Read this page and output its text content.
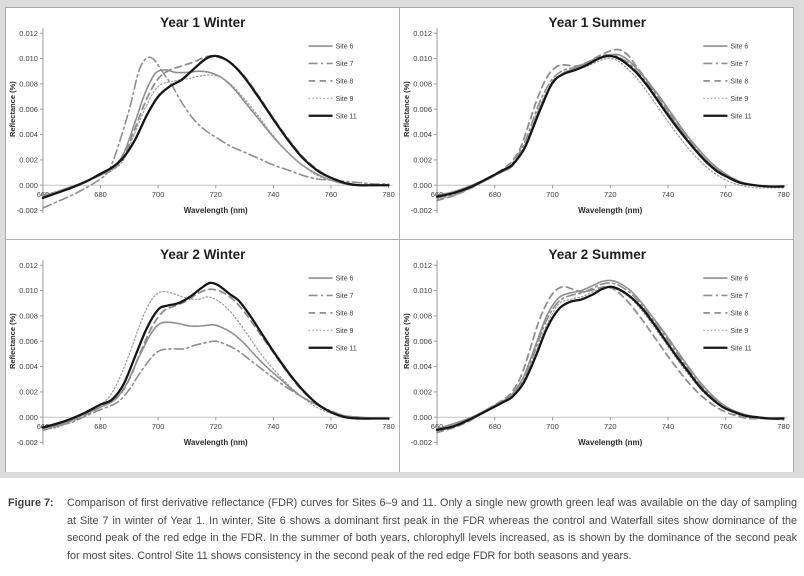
Year 1 Winter
0.012
0.010
0.008
0.006
0.004
0.002
0.000
-0.002
660	680	700	720	740	760	780
Wavelength (nm)
Reflectance (%)
Site 6
Site 7
Site 8
Site 9
Site 11
Year 1 Summer
0.012
0.010
0.008
0.006
0.004
0.002
0.000
-0.002
660	680	700	720	740	760	780
Wavelength (nm)
Reflectance (%)
Site 6
Site 7
Site 8
Site 9
Site 11
Year 2 Winter
0.012
0.010
0.008
0.006
0.004
0.002
0.000
-0.002
660	680	700	720	740	760	780
Wavelength (nm)
Reflectance (%)
Site 6
Site 7
Site 8
Site 9
Site 11
Year 2 Summer
0.012
0.010
0.008
0.006
0.004
0.002
0.000
-0.002
660	680	700	720	740	760	780
Wavelength (nm)
Reflectance (%)
Site 6
Site 7
Site 8
Site 9
Site 11
Figure 7:	Comparison of first derivative reflectance (FDR) curves for Sites 6–9 and 11. Only a single new growth green leaf was available on the day of sampling at Site 7 in winter of Year 1. In winter, Site 6 shows a dominant first peak in the FDR whereas the control and Waterfall sites show dominance of the second peak of the red edge in the FDR. In the summer of both years, chlorophyll levels increased, as is shown by the dominance of the second peak for most sites. Control Site 11 shows consistency in the second peak of the red edge FDR for both seasons and years.
